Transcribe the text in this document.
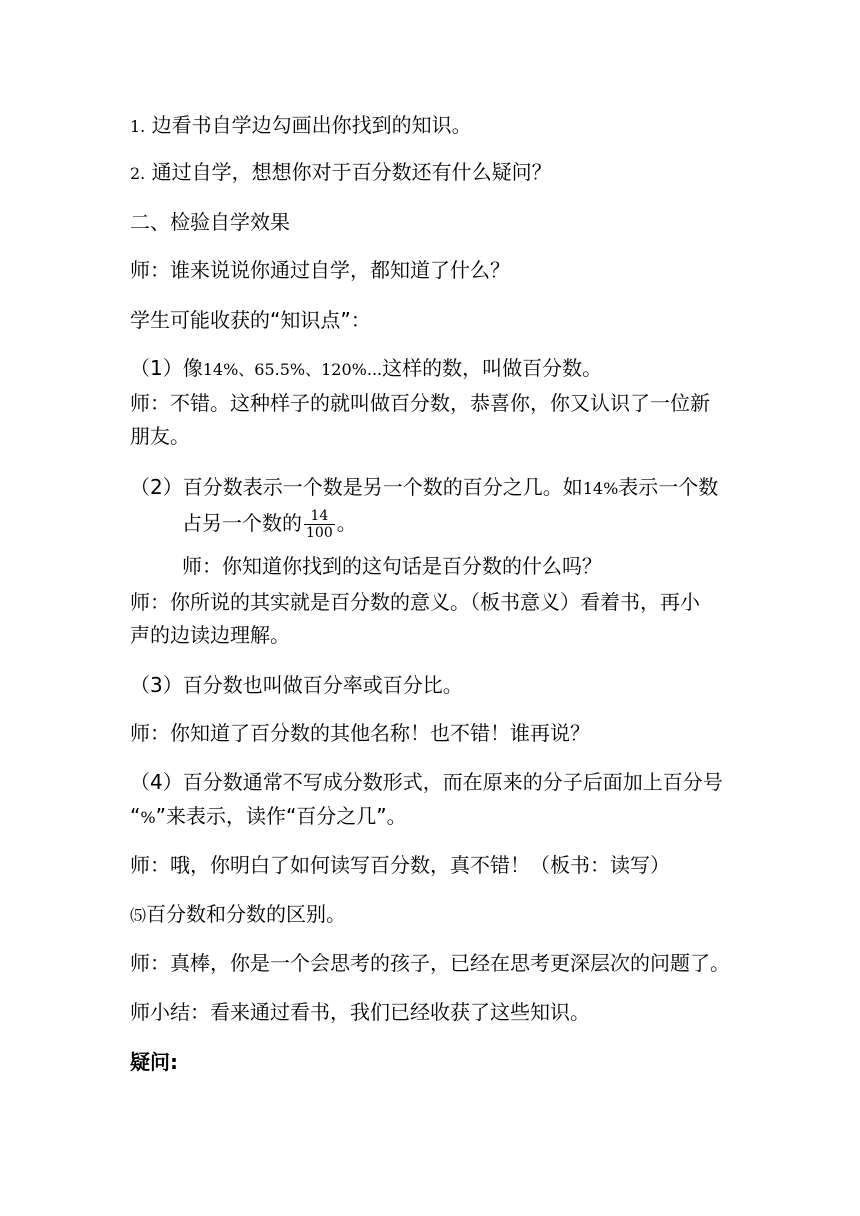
1. 边看书自学边勾画出你找到的知识。
2. 通过自学，想想你对于百分数还有什么疑问？
二、检验自学效果
师：谁来说说你通过自学，都知道了什么？
学生可能收获的“知识点”：
（1）像14%、65.5%、120%...这样的数，叫做百分数。
师：不错。这种样子的就叫做百分数，恭喜你，你又认识了一位新
朋友。
（2）百分数表示一个数是另一个数的百分之几。如14%表示一个数
占另一个数的 $\frac{14}{100}$ 。
师：你知道你找到的这句话是百分数的什么吗？
师：你所说的其实就是百分数的意义。（板书意义）看着书，再小
声的边读边理解。
（3）百分数也叫做百分率或百分比。
师：你知道了百分数的其他名称！也不错！谁再说？
（4）百分数通常不写成分数形式，而在原来的分子后面加上百分号
“%”来表示，读作“百分之几”。
师：哦，你明白了如何读写百分数，真不错！（板书：读写）
⑸百分数和分数的区别。
师：真棒，你是一个会思考的孩子，已经在思考更深层次的问题了。
师小结：看来通过看书，我们已经收获了这些知识。
疑问:
